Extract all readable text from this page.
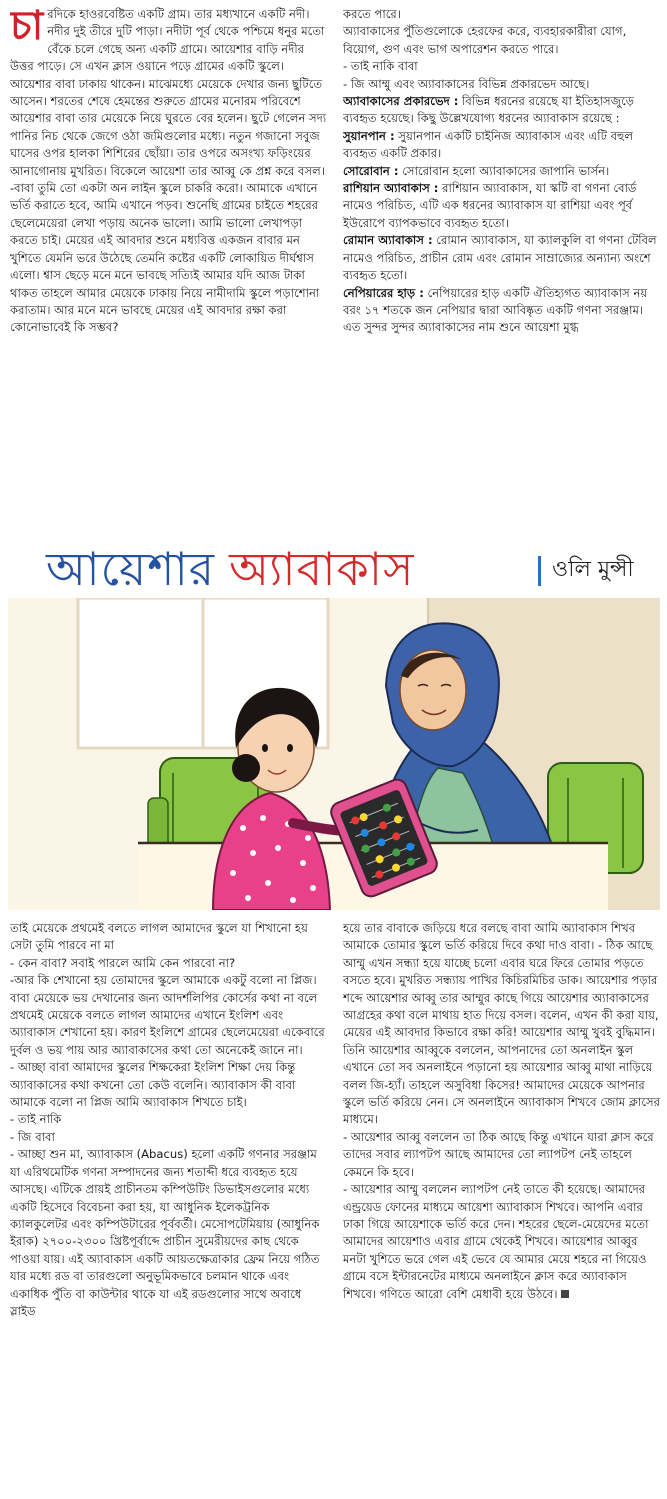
চা রদিকে হাওরবেষ্টিত একটি গ্রাম। তার মধ্যখানে একটি নদী। নদীর দুই তীরে দুটি পাড়া। নদীটা পূর্ব থেকে পশ্চিমে ধনুর মতো বেঁকে চলে গেছে অন্য একটি গ্রামে। আয়েশার বাড়ি নদীর উত্তর পাড়ে। সে এখন ক্লাস ওয়ানে পড়ে গ্রামের একটি স্কুলে। আয়েশার বাবা ঢাকায় থাকেন। মাঝেমধ্যে মেয়েকে দেখার জন্য ছুটিতে আসেন। শরতের শেষে হেমন্তের শুরুতে গ্রামের মনোরম পরিবেশে আয়েশার বাবা তার মেয়েকে নিয়ে ঘুরতে বের হলেন। ছুটে গেলেন সদ্য পানির নিচ থেকে জেগে ওঠা জমিগুলোর মধ্যে। নতুন গজানো সবুজ ঘাসের ওপর হালকা শিশিরের ছোঁয়া। তার ওপরে অসংখ্য ফড়িংয়ের আনাগোনায় মুখরিত। বিকেলে আয়েশা তার আব্বু কে প্রশ্ন করে বসল।

-বাবা তুমি তো একটা অন লাইন স্কুলে চাকরি করো। আমাকে এখানে ভর্তি করাতে হবে, আমি এখানে পড়ব। শুনেছি গ্রামের চাইতে শহরের ছেলেমেয়েরা লেখা পড়ায় অনেক ভালো। আমি ভালো লেখাপড়া করতে চাই। মেয়ের এই আবদার শুনে মধ্যবিত্ত একজন বাবার মন খুশিতে যেমনি ভরে উঠেছে তেমনি কষ্টের একটি লোকায়িত দীর্ঘশ্বাস এলো। শ্বাস ছেড়ে মনে মনে ভাবছে সত্যিই আমার যদি আজ টাকা থাকত তাহলে আমার মেয়েকে ঢাকায় নিয়ে নামীদামি স্কুলে পড়াশোনা করাতাম। আর মনে মনে ভাবছে মেয়ের এই আবদার রক্ষা করা কোনোভাবেই কি সম্ভব?

করতে পারে।

অ্যাবাকাসের পুঁতিগুলোকে হেরফের করে, ব্যবহারকারীরা যোগ, বিয়োগ, গুণ এবং ভাগ অপারেশন করতে পারে।

- তাই নাকি বাবা

- জি আম্মু এবং অ্যাবাকাসের বিভিন্ন প্রকারভেদ আছে।

অ্যাবাকাসের প্রকারভেদ : বিভিন্ন ধরনের রয়েছে যা ইতিহাসজুড়ে ব্যবহৃত হয়েছে। কিছু উল্লেখযোগ্য ধরনের অ্যাবাকাস রয়েছে :

সুয়ানপান : সুয়ানপান একটি চাইনিজ অ্যাবাকাস এবং এটি বহুল ব্যবহৃত একটি প্রকার।

সোরোবান : সোরোবান হলো অ্যাবাকাসের জাপানি ভার্সন।

রাশিয়ান অ্যাবাকাস : রাশিয়ান অ্যাবাকাস, যা স্কটি বা গণনা বোর্ড নামেও পরিচিত, এটি এক ধরনের অ্যাবাকাস যা রাশিয়া এবং পূর্ব ইউরোপে ব্যাপকভাবে ব্যবহৃত হতো।

রোমান অ্যাবাকাস : রোমান অ্যাবাকাস, যা ক্যালকুলি বা গণনা টেবিল নামেও পরিচিত, প্রাচীন রোম এবং রোমান সাম্রাজ্যের অন্যান্য অংশে ব্যবহৃত হতো।

নেপিয়ারের হাড় : নেপিয়ারের হাড় একটি ঐতিহ্যগত অ্যাবাকাস নয় বরং ১৭ শতকে জন নেপিয়ার দ্বারা আবিষ্কৃত একটি গণনা সরঞ্জাম।

এত সুন্দর সুন্দর অ্যাবাকাসের নাম শুনে আয়েশা মুগ্ধ

আয়েশার অ্যাবাকাস	ওলি মুন্সী

তাই মেয়েকে প্রথমেই বলতে লাগল আমাদের স্কুলে যা শিখানো হয় সেটা তুমি পারবে না মা

- কেন বাবা? সবাই পারলে আমি কেন পারবো না?

-আর কি শেখানো হয় তোমাদের স্কুলে আমাকে একটু বলো না প্লিজ।

বাবা মেয়েকে ভয় দেখানোর জন্য আদর্শলিপির কোর্সের কথা না বলে প্রথমেই মেয়েকে বলতে লাগল আমাদের এখানে ইংলিশ এবং অ্যাবাকাস শেখানো হয়। কারণ ইংলিশে গ্রামের ছেলেমেয়েরা একেবারে দুর্বল ও ভয় পায় আর অ্যাবাকাসের কথা তো অনেকেই জানে না।

- আচ্ছা বাবা আমাদের স্কুলের শিক্ষকেরা ইংলিশ শিক্ষা দেয় কিন্তু অ্যাবাকাসের কথা কখনো তো কেউ বলেনি। অ্যাবাকাস কী বাবা আমাকে বলো না প্লিজ আমি অ্যাবাকাস শিখতে চাই।

- তাই নাকি

- জি বাবা

- আচ্ছা শুন মা, অ্যাবাকাস (Abacus) হলো একটি গণনার সরঞ্জাম যা এরিথমেটিক গণনা সম্পাদনের জন্য শতাব্দী ধরে ব্যবহৃত হয়ে আসছে। এটিকে প্রায়ই প্রাচীনতম কম্পিউটিং ডিভাইসগুলোর মধ্যে একটি হিসেবে বিবেচনা করা হয়, যা আধুনিক ইলেকট্রনিক ক্যালকুলেটর এবং কম্পিউটারের পূর্ববর্তী। মেসোপটেমিয়ায় (আধুনিক ইরাক) ২৭০০-২৩০০ খ্রিষ্টপূর্বাব্দে প্রাচীন সুমেরীয়দের কাছ থেকে পাওয়া যায়। এই অ্যাবাকাস একটি আয়তক্ষেত্রাকার ফ্রেম নিয়ে গঠিত যার মধ্যে রড বা তারগুলো অনুভূমিকভাবে চলমান থাকে এবং একাধিক পুঁতি বা কাউন্টার থাকে যা এই রডগুলোর সাথে অবাধে স্লাইড

হয়ে তার বাবাকে জড়িয়ে ধরে বলছে বাবা আমি অ্যাবাকাস শিখব আমাকে তোমার স্কুলে ভর্তি করিয়ে দিবে কথা দাও বাবা। - ঠিক আছে আম্মু এখন সন্ধ্যা হয়ে যাচ্ছে চলো এবার ঘরে ফিরে তোমার পড়তে বসতে হবে। মুখরিত সন্ধ্যায় পাখির কিচিরমিচির ডাক। আয়েশার পড়ার শব্দে আয়েশার আব্বু তার আম্মুর কাছে গিয়ে আয়েশার অ্যাবাকাসের আগ্রহের কথা বলে মাথায় হাত দিয়ে বসল। বলেন, এখন কী করা যায়, মেয়ের এই আবদার কিভাবে রক্ষা করি! আয়েশার আম্মু খুবই বুদ্ধিমান। তিনি আয়েশার আব্বুকে বললেন, আপনাদের তো অনলাইন স্কুল এখানে তো সব অনলাইনে পড়ানো হয় আয়েশার আব্বু মাথা নাড়িয়ে বলল জি-হ্যাঁ। তাহলে অসুবিধা কিসের! আমাদের মেয়েকে আপনার স্কুলে ভর্তি করিয়ে নেন। সে অনলাইনে অ্যাবাকাস শিখবে জোম ক্লাসের মাধ্যমে।

- আয়েশার আব্বু বললেন তা ঠিক আছে কিন্তু এখানে যারা ক্লাস করে তাদের সবার ল্যাপটপ আছে আমাদের তো ল্যাপটপ নেই তাহলে কেমনে কি হবে।

- আয়েশার আম্মু বললেন ল্যাপটপ নেই তাতে কী হয়েছে। আমাদের এন্ড্রয়েড ফোনের মাধ্যমে আয়েশা অ্যাবাকাস শিখবে। আপনি এবার ঢাকা গিয়ে আয়েশাকে ভর্তি করে দেন। শহরের ছেলে-মেয়েদের মতো আমাদের আয়েশাও এবার গ্রামে থেকেই শিখবে। আয়েশার আব্বুর মনটা খুশিতে ভরে গেল এই ভেবে যে আমার মেয়ে শহরে না গিয়েও গ্রামে বসে ইন্টারনেটের মাধ্যমে অনলাইনে ক্লাস করে অ্যাবাকাস শিখবে। গণিতে আরো বেশি মেধাবী হয়ে উঠবে।
